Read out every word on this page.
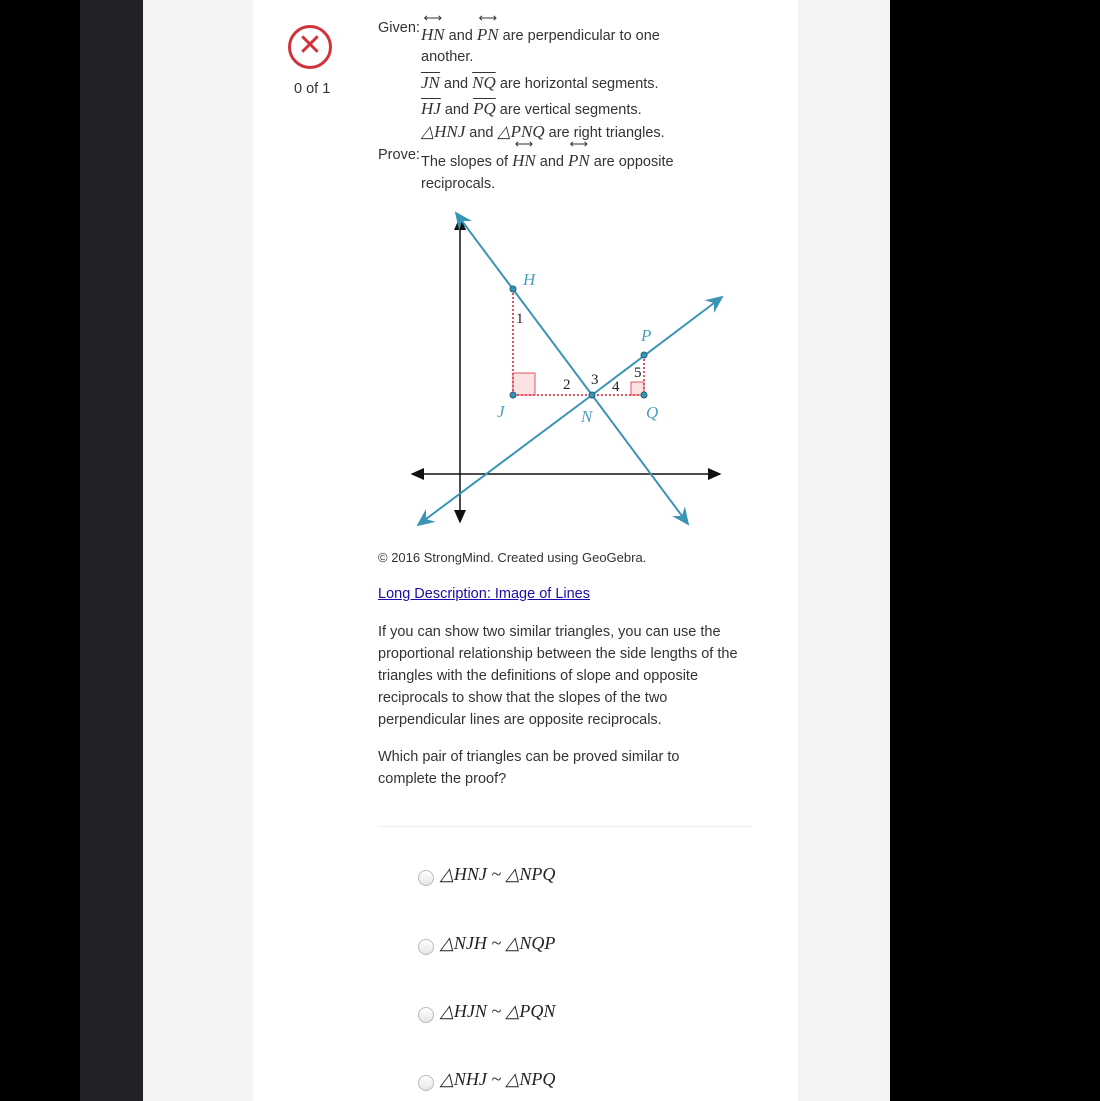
✕
0 of 1
Given: ⟷ HN and ⟷ PN are perpendicular to one
another.
$\overline{JN}$ and $\overline{NQ}$ are horizontal segments.
$\overline{HJ}$ and $\overline{PQ}$ are vertical segments.
△HNJ and △PNQ are right triangles.
Prove: The slopes of ⟷ HN and ⟷ PN are opposite
reciprocals.
H
J	N
P
Q
1
2 3 4
5
© 2016 StrongMind. Created using GeoGebra.
Long Description: Image of Lines
If you can show two similar triangles, you can use the proportional relationship between the side lengths of the triangles with the definitions of slope and opposite reciprocals to show that the slopes of the two perpendicular lines are opposite reciprocals.
Which pair of triangles can be proved similar to complete the proof?
△HNJ ~ △NPQ
△NJH ~ △NQP
△HJN ~ △PQN
△NHJ ~ △NPQ
